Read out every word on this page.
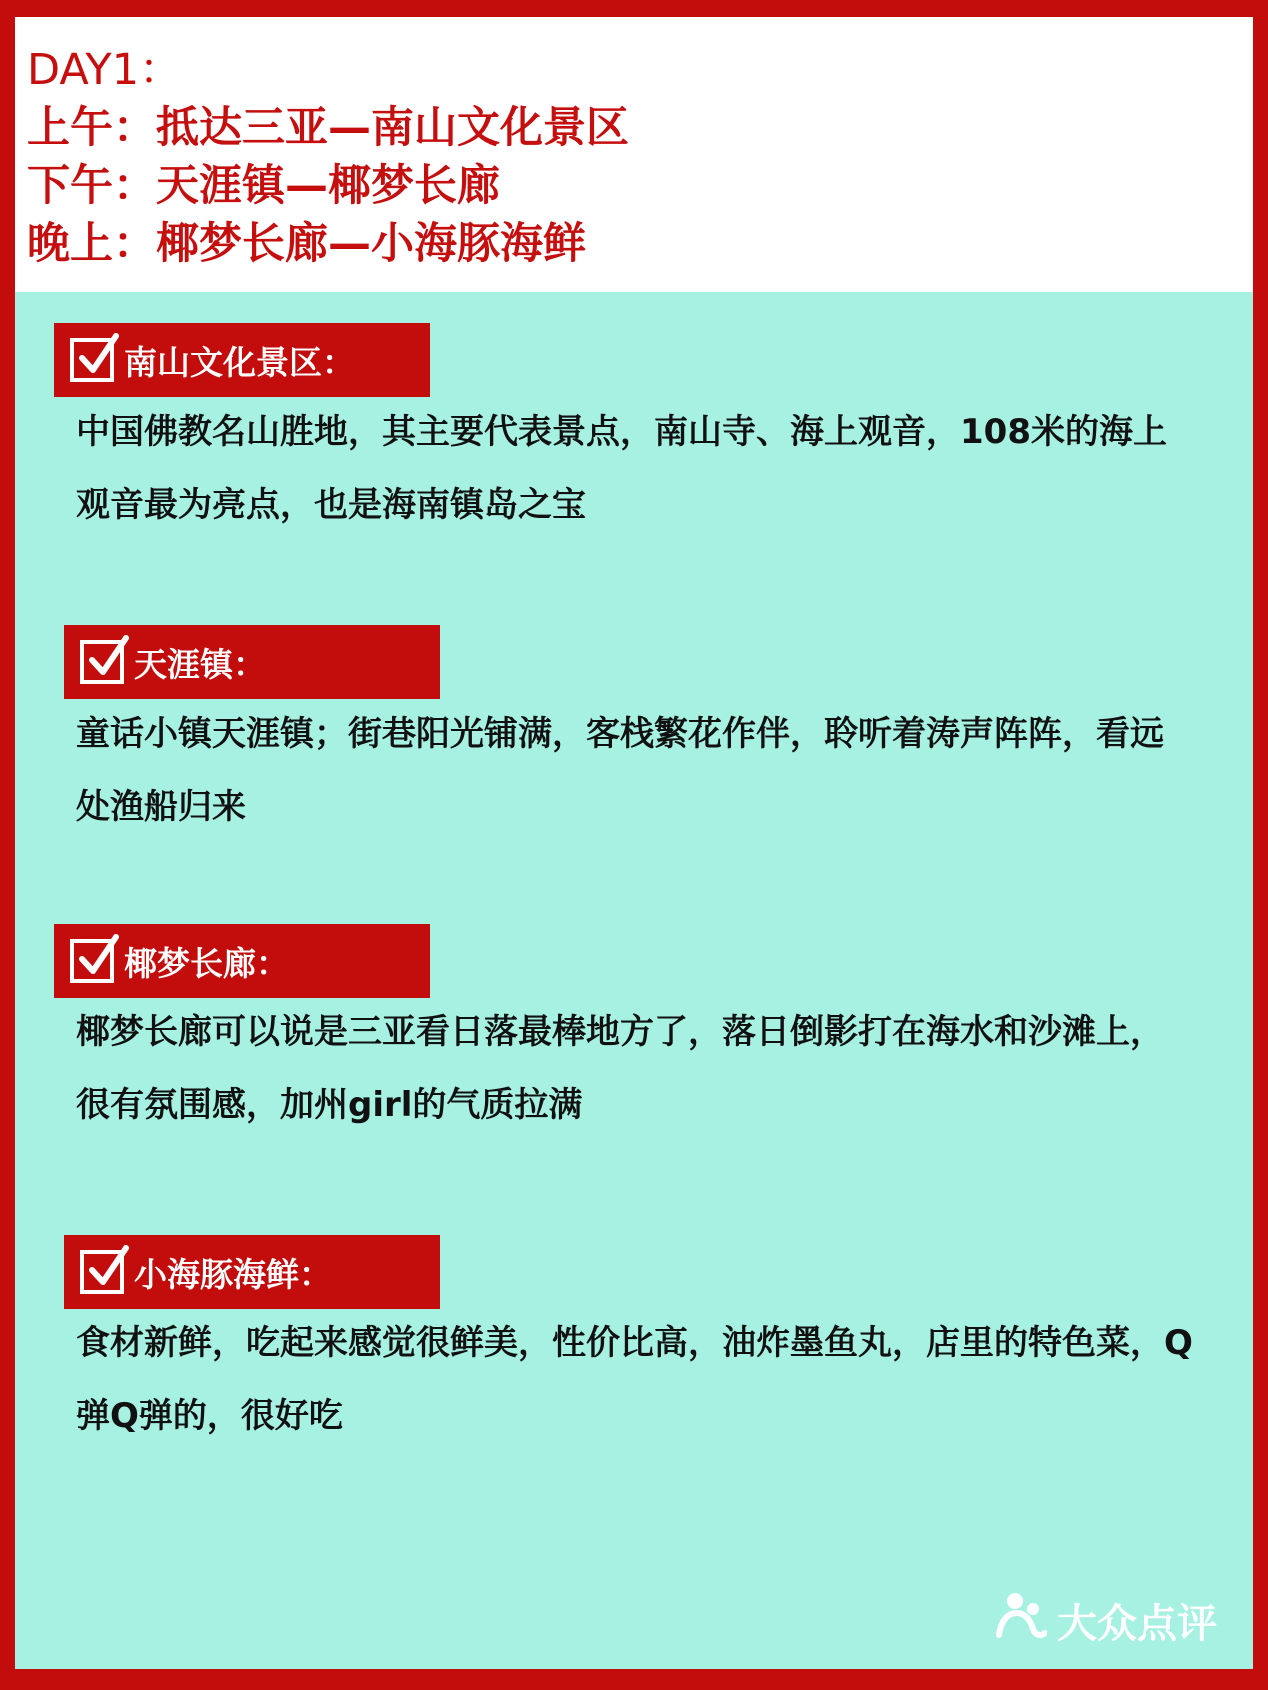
DAY1：
上午：抵达三亚—南山文化景区
下午：天涯镇—椰梦长廊
晚上：椰梦长廊—小海豚海鲜
南山文化景区：
中国佛教名山胜地，其主要代表景点，南山寺、海上观音，108米的海上观音最为亮点，也是海南镇岛之宝
天涯镇：
童话小镇天涯镇；街巷阳光铺满，客栈繁花作伴，聆听着涛声阵阵，看远处渔船归来
椰梦长廊：
椰梦长廊可以说是三亚看日落最棒地方了，落日倒影打在海水和沙滩上，很有氛围感，加州girl的气质拉满
小海豚海鲜：
食材新鲜，吃起来感觉很鲜美，性价比高，油炸墨鱼丸，店里的特色菜，Q弹Q弹的，很好吃
大众点评
